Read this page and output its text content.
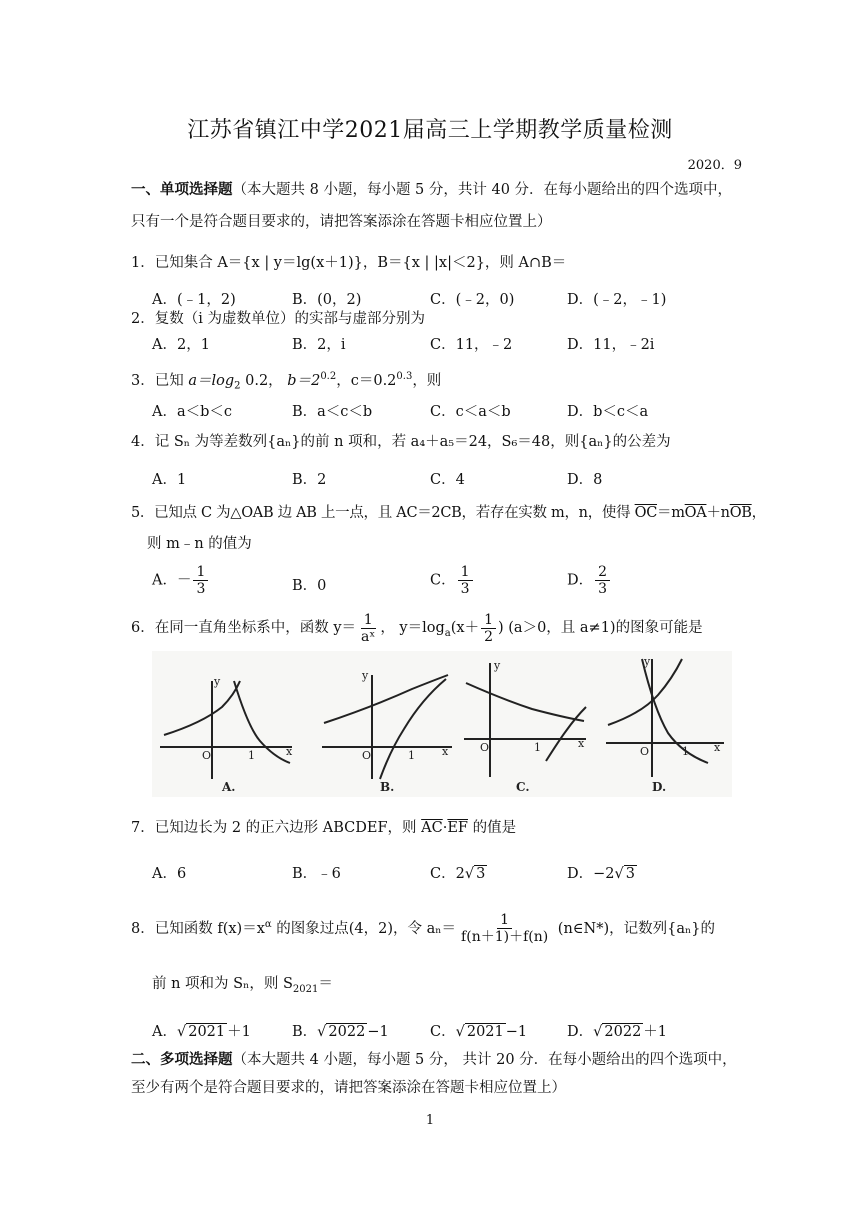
江苏省镇江中学2021届高三上学期教学质量检测
2020．9
一、单项选择题（本大题共 8 小题，每小题 5 分，共计 40 分．在每小题给出的四个选项中，
只有一个是符合题目要求的，请把答案添涂在答题卡相应位置上）
1．已知集合 A＝{x | y＝lg(x＋1)}，B＝{x | |x|＜2}，则 A∩B＝
A．(﹣1，2)	B．(0，2)	C．(﹣2，0)	D．(﹣2，﹣1)
2．复数（i 为虚数单位）的实部与虚部分别为
A．2，1	B．2，i	C．11，﹣2	D．11，﹣2i
3．已知 $a=\log_2$ 0.2， $b=2^{0.2}$，$c=0.2^{0.3}$，则
A．a＜b＜c	B．a＜c＜b	C．c＜a＜b	D．b＜c＜a
4．记 Sₙ 为等差数列{aₙ}的前 n 项和，若 a₄＋a₅＝24，S₆＝48，则{aₙ}的公差为
A．1	B．2	C．4	D．8
5．已知点 C 为△OAB 边 AB 上一点，且 AC＝2CB，若存在实数 m，n，使得 $\overline{OC}=m\overline{OA}+n\overline{OB}$，
则 m﹣n 的值为
A．－ $\frac{1}{3}$	B．0	C． $\frac{1}{3}$	D． $\frac{2}{3}$
6．在同一直角坐标系中，函数 $y= \frac{1}{\text{aˣ}}$ ， $y=\log_a(x+ \frac{1}{2}$ ) (a＞0，且 a≠1)的图象可能是
y
O	1	x
y
O	1 x
y
O	1	x
y
O	1 x
A.	B.	C.	D.
7．已知边长为 2 的正六边形 ABCDEF，则 $\overline{AC}\cdot\overline{EF}$ 的值是
A．6	B．﹣6	C．2√ 3	D．−2√ 3
8．已知函数 $f(x)=x^\alpha$ 的图象过点(4，2)，令 $a_n= \frac{1}{f(n+1)+f(n)}$ (n∈N*)，记数列{aₙ}的
前 n 项和为 Sₙ，则 $S_{2021}=$
A．√ 2021 ＋1	B．√ 2022 −1	C．√ 2021 −1	D．√ 2022 ＋1
二、多项选择题（本大题共 4 小题，每小题 5 分， 共计 20 分．在每小题给出的四个选项中，
至少有两个是符合题目要求的，请把答案添涂在答题卡相应位置上）
1
